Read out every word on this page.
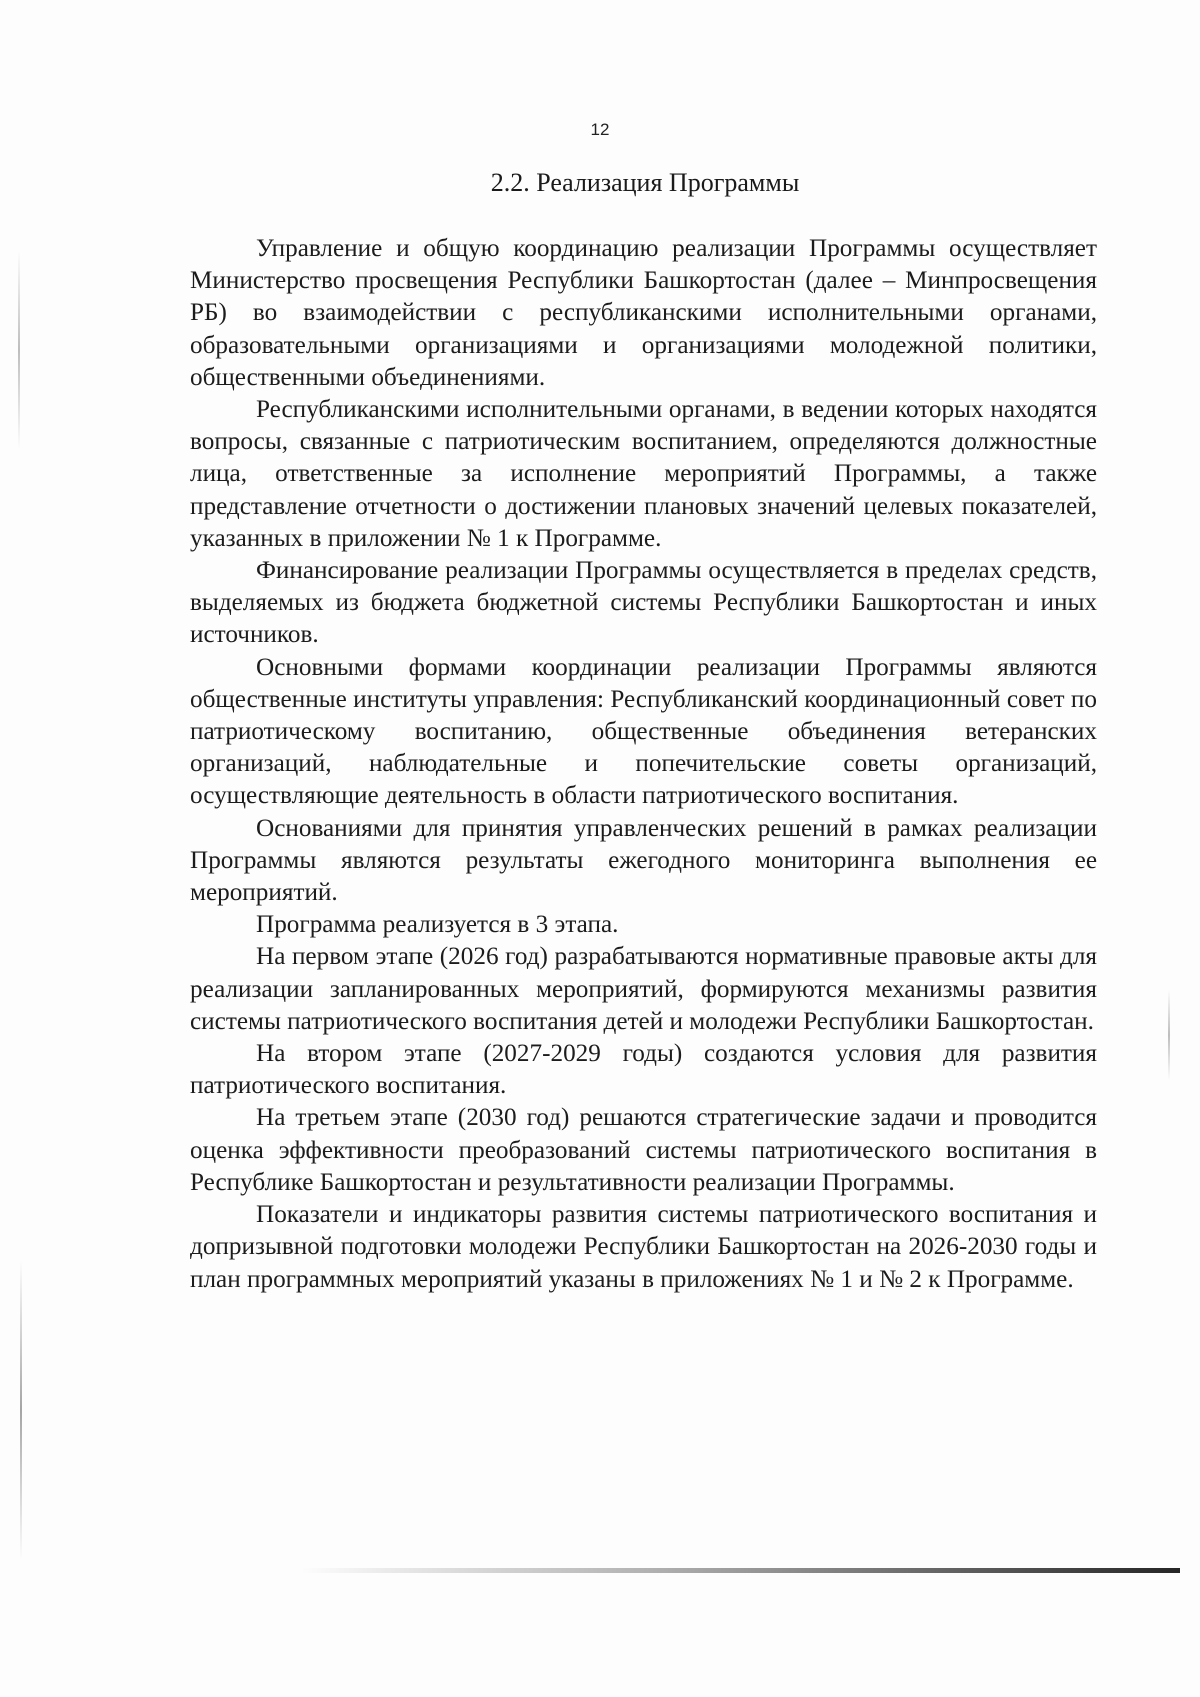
12
2.2. Реализация Программы

Управление и общую координацию реализации Программы осуществляет Министерство просвещения Республики Башкортостан (далее – Минпросвещения РБ) во взаимодействии с республиканскими исполнительными органами, образовательными организациями и организациями молодежной политики, общественными объединениями.

Республиканскими исполнительными органами, в ведении которых находятся вопросы, связанные с патриотическим воспитанием, определяются должностные лица, ответственные за исполнение мероприятий Программы, а также представление отчетности о достижении плановых значений целевых показателей, указанных в приложении № 1 к Программе.

Финансирование реализации Программы осуществляется в пределах средств, выделяемых из бюджета бюджетной системы Республики Башкортостан и иных источников.

Основными формами координации реализации Программы являются общественные институты управления: Республиканский координационный совет по патриотическому воспитанию, общественные объединения ветеранских организаций, наблюдательные и попечительские советы организаций, осуществляющие деятельность в области патриотического воспитания.

Основаниями для принятия управленческих решений в рамках реализации Программы являются результаты ежегодного мониторинга выполнения ее мероприятий.

Программа реализуется в 3 этапа.

На первом этапе (2026 год) разрабатываются нормативные правовые акты для реализации запланированных мероприятий, формируются механизмы развития системы патриотического воспитания детей и молодежи Республики Башкортостан.

На втором этапе (2027-2029 годы) создаются условия для развития патриотического воспитания.

На третьем этапе (2030 год) решаются стратегические задачи и проводится оценка эффективности преобразований системы патриотического воспитания в Республике Башкортостан и результативности реализации Программы.

Показатели и индикаторы развития системы патриотического воспитания и допризывной подготовки молодежи Республики Башкортостан на 2026-2030 годы и план программных мероприятий указаны в приложениях № 1 и № 2 к Программе.
